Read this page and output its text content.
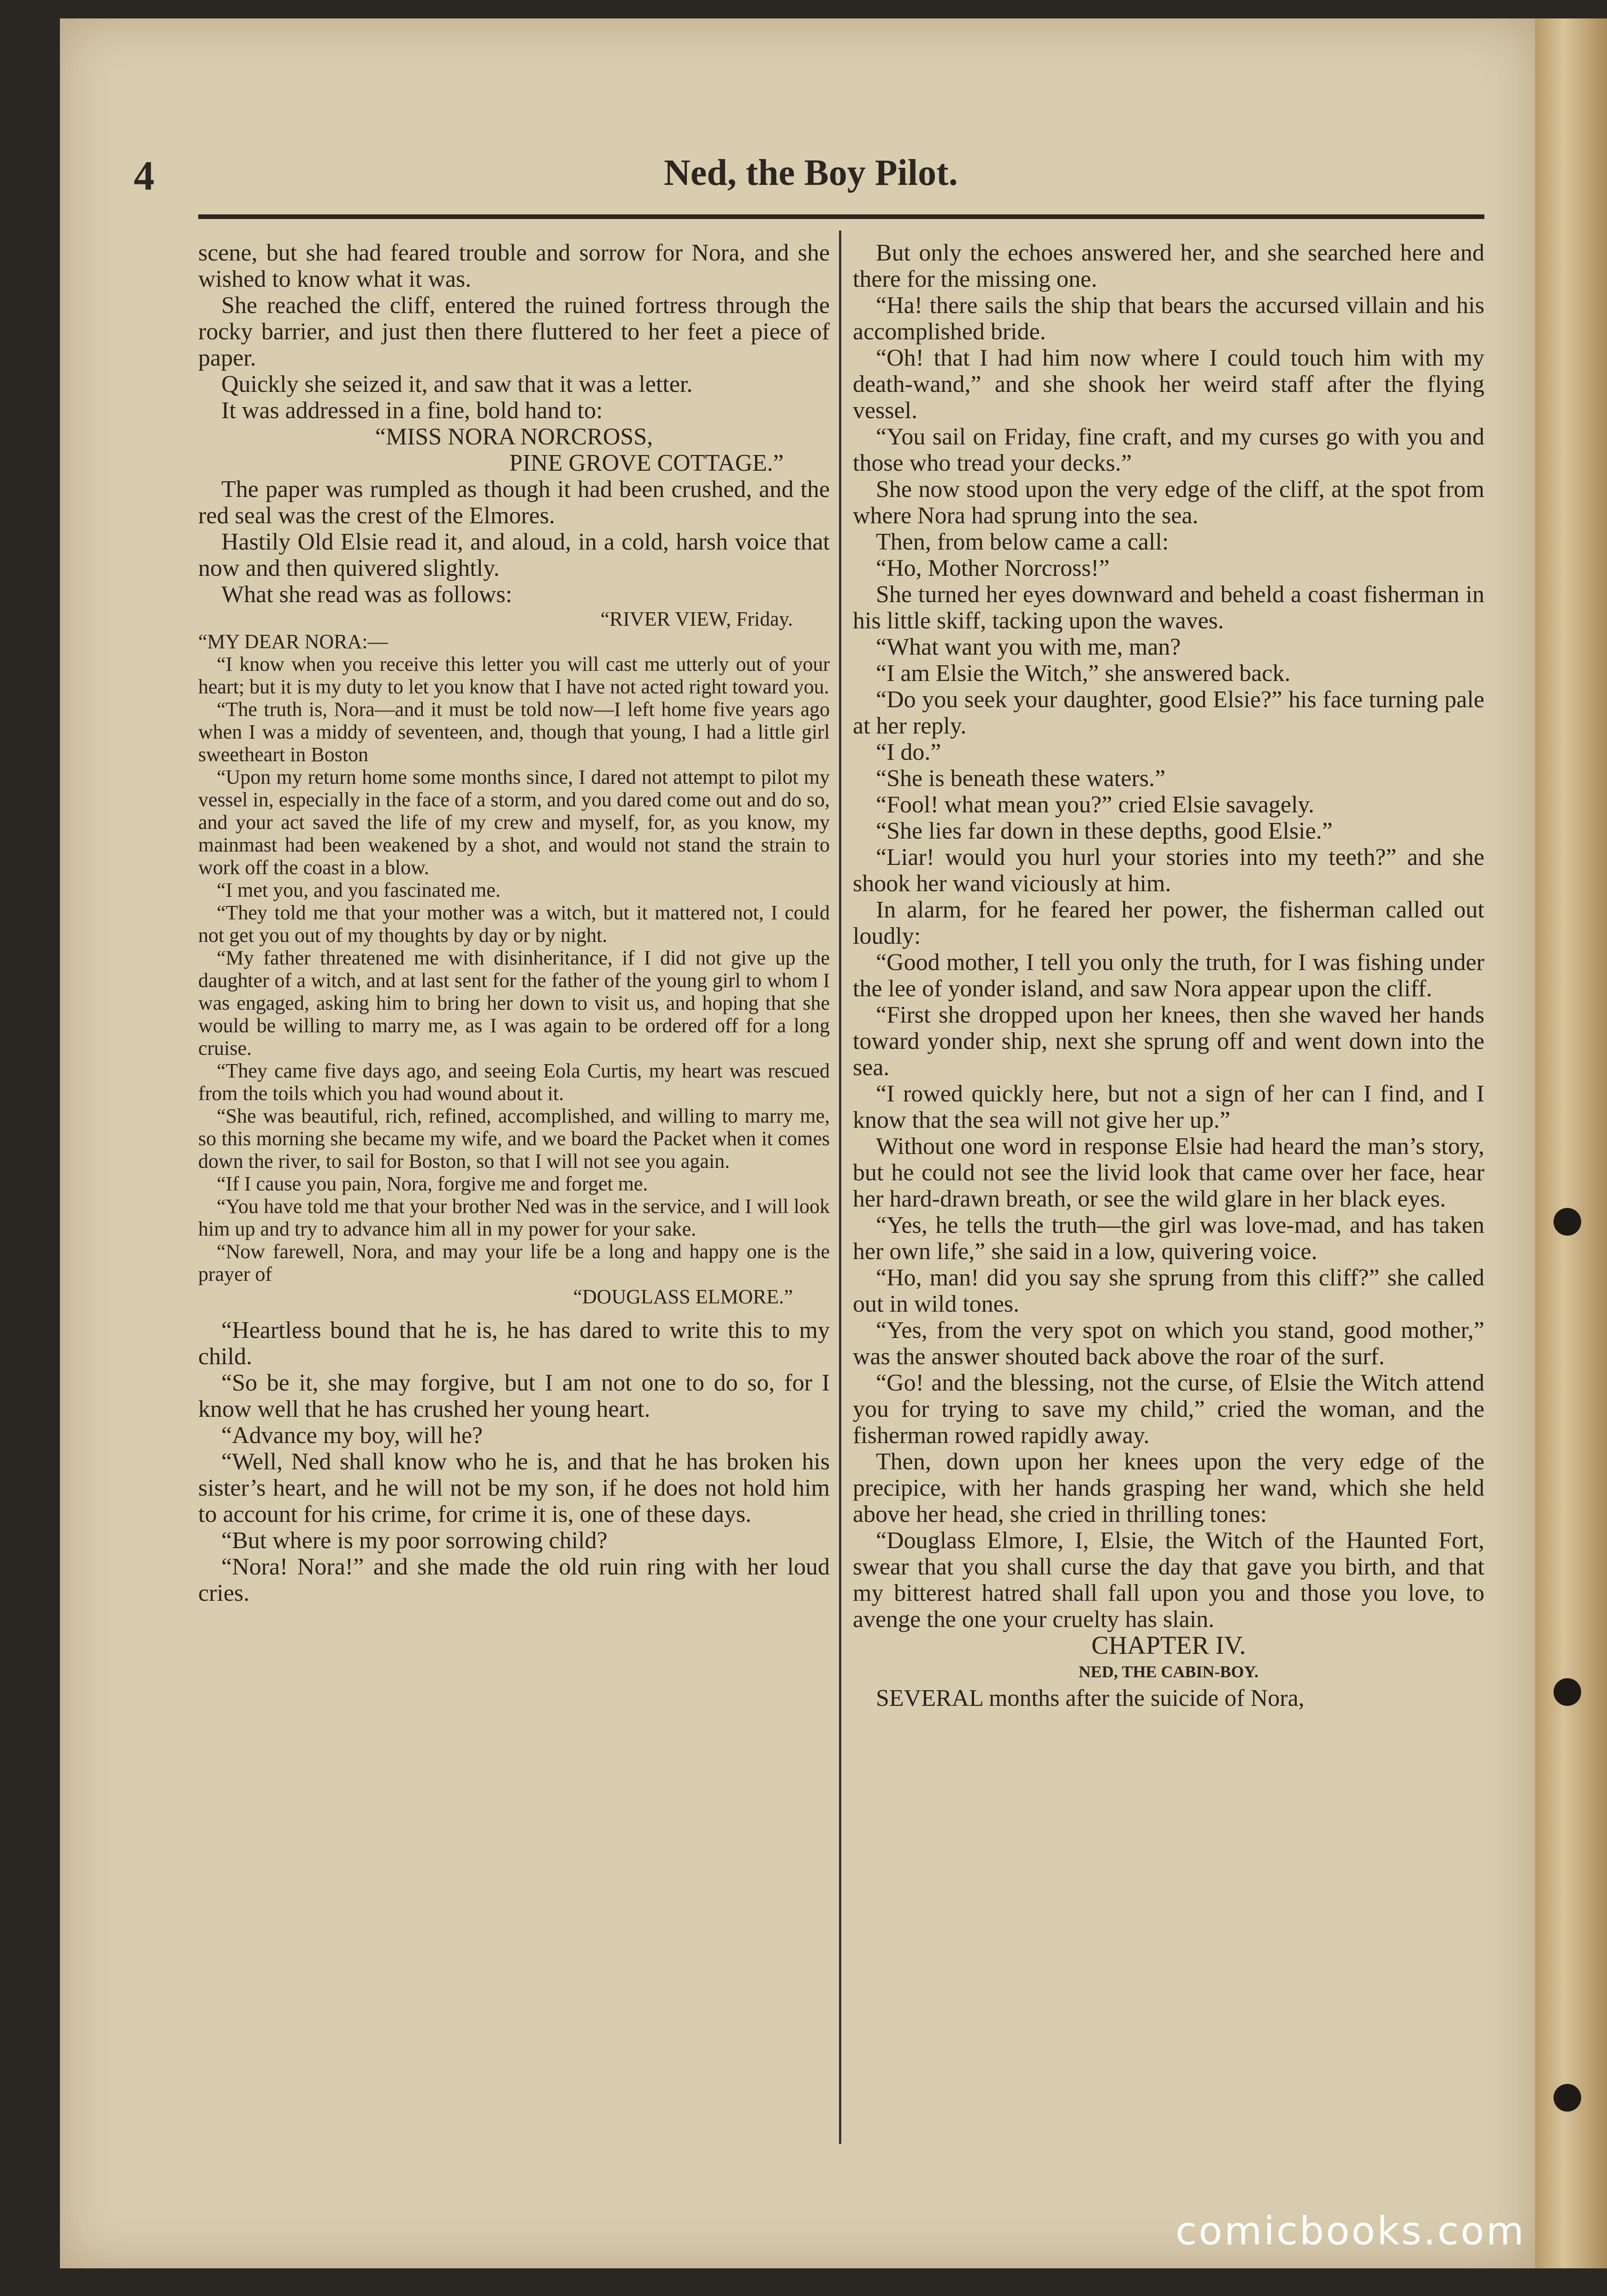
4	Ned, the Boy Pilot.

scene, but she had feared trouble and sorrow for Nora, and she wished to know what it was.

She reached the cliff, entered the ruined fortress through the rocky barrier, and just then there fluttered to her feet a piece of paper.

Quickly she seized it, and saw that it was a letter.

It was addressed in a fine, bold hand to:

“MISS NORA NORCROSS,

PINE GROVE COTTAGE.”

The paper was rumpled as though it had been crushed, and the red seal was the crest of the Elmores.

Hastily Old Elsie read it, and aloud, in a cold, harsh voice that now and then quivered slightly.

What she read was as follows:

“RIVER VIEW, Friday.

“MY DEAR NORA:—

“I know when you receive this letter you will cast me utterly out of your heart; but it is my duty to let you know that I have not acted right toward you.

“The truth is, Nora—and it must be told now—I left home five years ago when I was a middy of seventeen, and, though that young, I had a little girl sweetheart in Boston

“Upon my return home some months since, I dared not attempt to pilot my vessel in, especially in the face of a storm, and you dared come out and do so, and your act saved the life of my crew and myself, for, as you know, my mainmast had been weakened by a shot, and would not stand the strain to work off the coast in a blow.

“I met you, and you fascinated me.

“They told me that your mother was a witch, but it mattered not, I could not get you out of my thoughts by day or by night.

“My father threatened me with disinheritance, if I did not give up the daughter of a witch, and at last sent for the father of the young girl to whom I was engaged, asking him to bring her down to visit us, and hoping that she would be willing to marry me, as I was again to be ordered off for a long cruise.

“They came five days ago, and seeing Eola Curtis, my heart was rescued from the toils which you had wound about it.

“She was beautiful, rich, refined, accomplished, and willing to marry me, so this morning she became my wife, and we board the Packet when it comes down the river, to sail for Boston, so that I will not see you again.

“If I cause you pain, Nora, forgive me and forget me.

“You have told me that your brother Ned was in the service, and I will look him up and try to advance him all in my power for your sake.

“Now farewell, Nora, and may your life be a long and happy one is the prayer of

“DOUGLASS ELMORE.”

“Heartless bound that he is, he has dared to write this to my child.

“So be it, she may forgive, but I am not one to do so, for I know well that he has crushed her young heart.

“Advance my boy, will he?

“Well, Ned shall know who he is, and that he has broken his sister’s heart, and he will not be my son, if he does not hold him to account for his crime, for crime it is, one of these days.

“But where is my poor sorrowing child?

“Nora! Nora!” and she made the old ruin ring with her loud cries.

But only the echoes answered her, and she searched here and there for the missing one.

“Ha! there sails the ship that bears the accursed villain and his accomplished bride.

“Oh! that I had him now where I could touch him with my death-wand,” and she shook her weird staff after the flying vessel.

“You sail on Friday, fine craft, and my curses go with you and those who tread your decks.”

She now stood upon the very edge of the cliff, at the spot from where Nora had sprung into the sea.

Then, from below came a call:

“Ho, Mother Norcross!”

She turned her eyes downward and beheld a coast fisherman in his little skiff, tacking upon the waves.

“What want you with me, man?

“I am Elsie the Witch,” she answered back.

“Do you seek your daughter, good Elsie?” his face turning pale at her reply.

“I do.”

“She is beneath these waters.”

“Fool! what mean you?” cried Elsie savagely.

“She lies far down in these depths, good Elsie.”

“Liar! would you hurl your stories into my teeth?” and she shook her wand viciously at him.

In alarm, for he feared her power, the fisherman called out loudly:

“Good mother, I tell you only the truth, for I was fishing under the lee of yonder island, and saw Nora appear upon the cliff.

“First she dropped upon her knees, then she waved her hands toward yonder ship, next she sprung off and went down into the sea.

“I rowed quickly here, but not a sign of her can I find, and I know that the sea will not give her up.”

Without one word in response Elsie had heard the man’s story, but he could not see the livid look that came over her face, hear her hard-drawn breath, or see the wild glare in her black eyes.

“Yes, he tells the truth—the girl was love-mad, and has taken her own life,” she said in a low, quivering voice.

“Ho, man! did you say she sprung from this cliff?” she called out in wild tones.

“Yes, from the very spot on which you stand, good mother,” was the answer shouted back above the roar of the surf.

“Go! and the blessing, not the curse, of Elsie the Witch attend you for trying to save my child,” cried the woman, and the fisherman rowed rapidly away.

Then, down upon her knees upon the very edge of the precipice, with her hands grasping her wand, which she held above her head, she cried in thrilling tones:

“Douglass Elmore, I, Elsie, the Witch of the Haunted Fort, swear that you shall curse the day that gave you birth, and that my bitterest hatred shall fall upon you and those you love, to avenge the one your cruelty has slain.

CHAPTER IV.

NED, THE CABIN-BOY.

SEVERAL months after the suicide of Nora,

comicbooks.com
